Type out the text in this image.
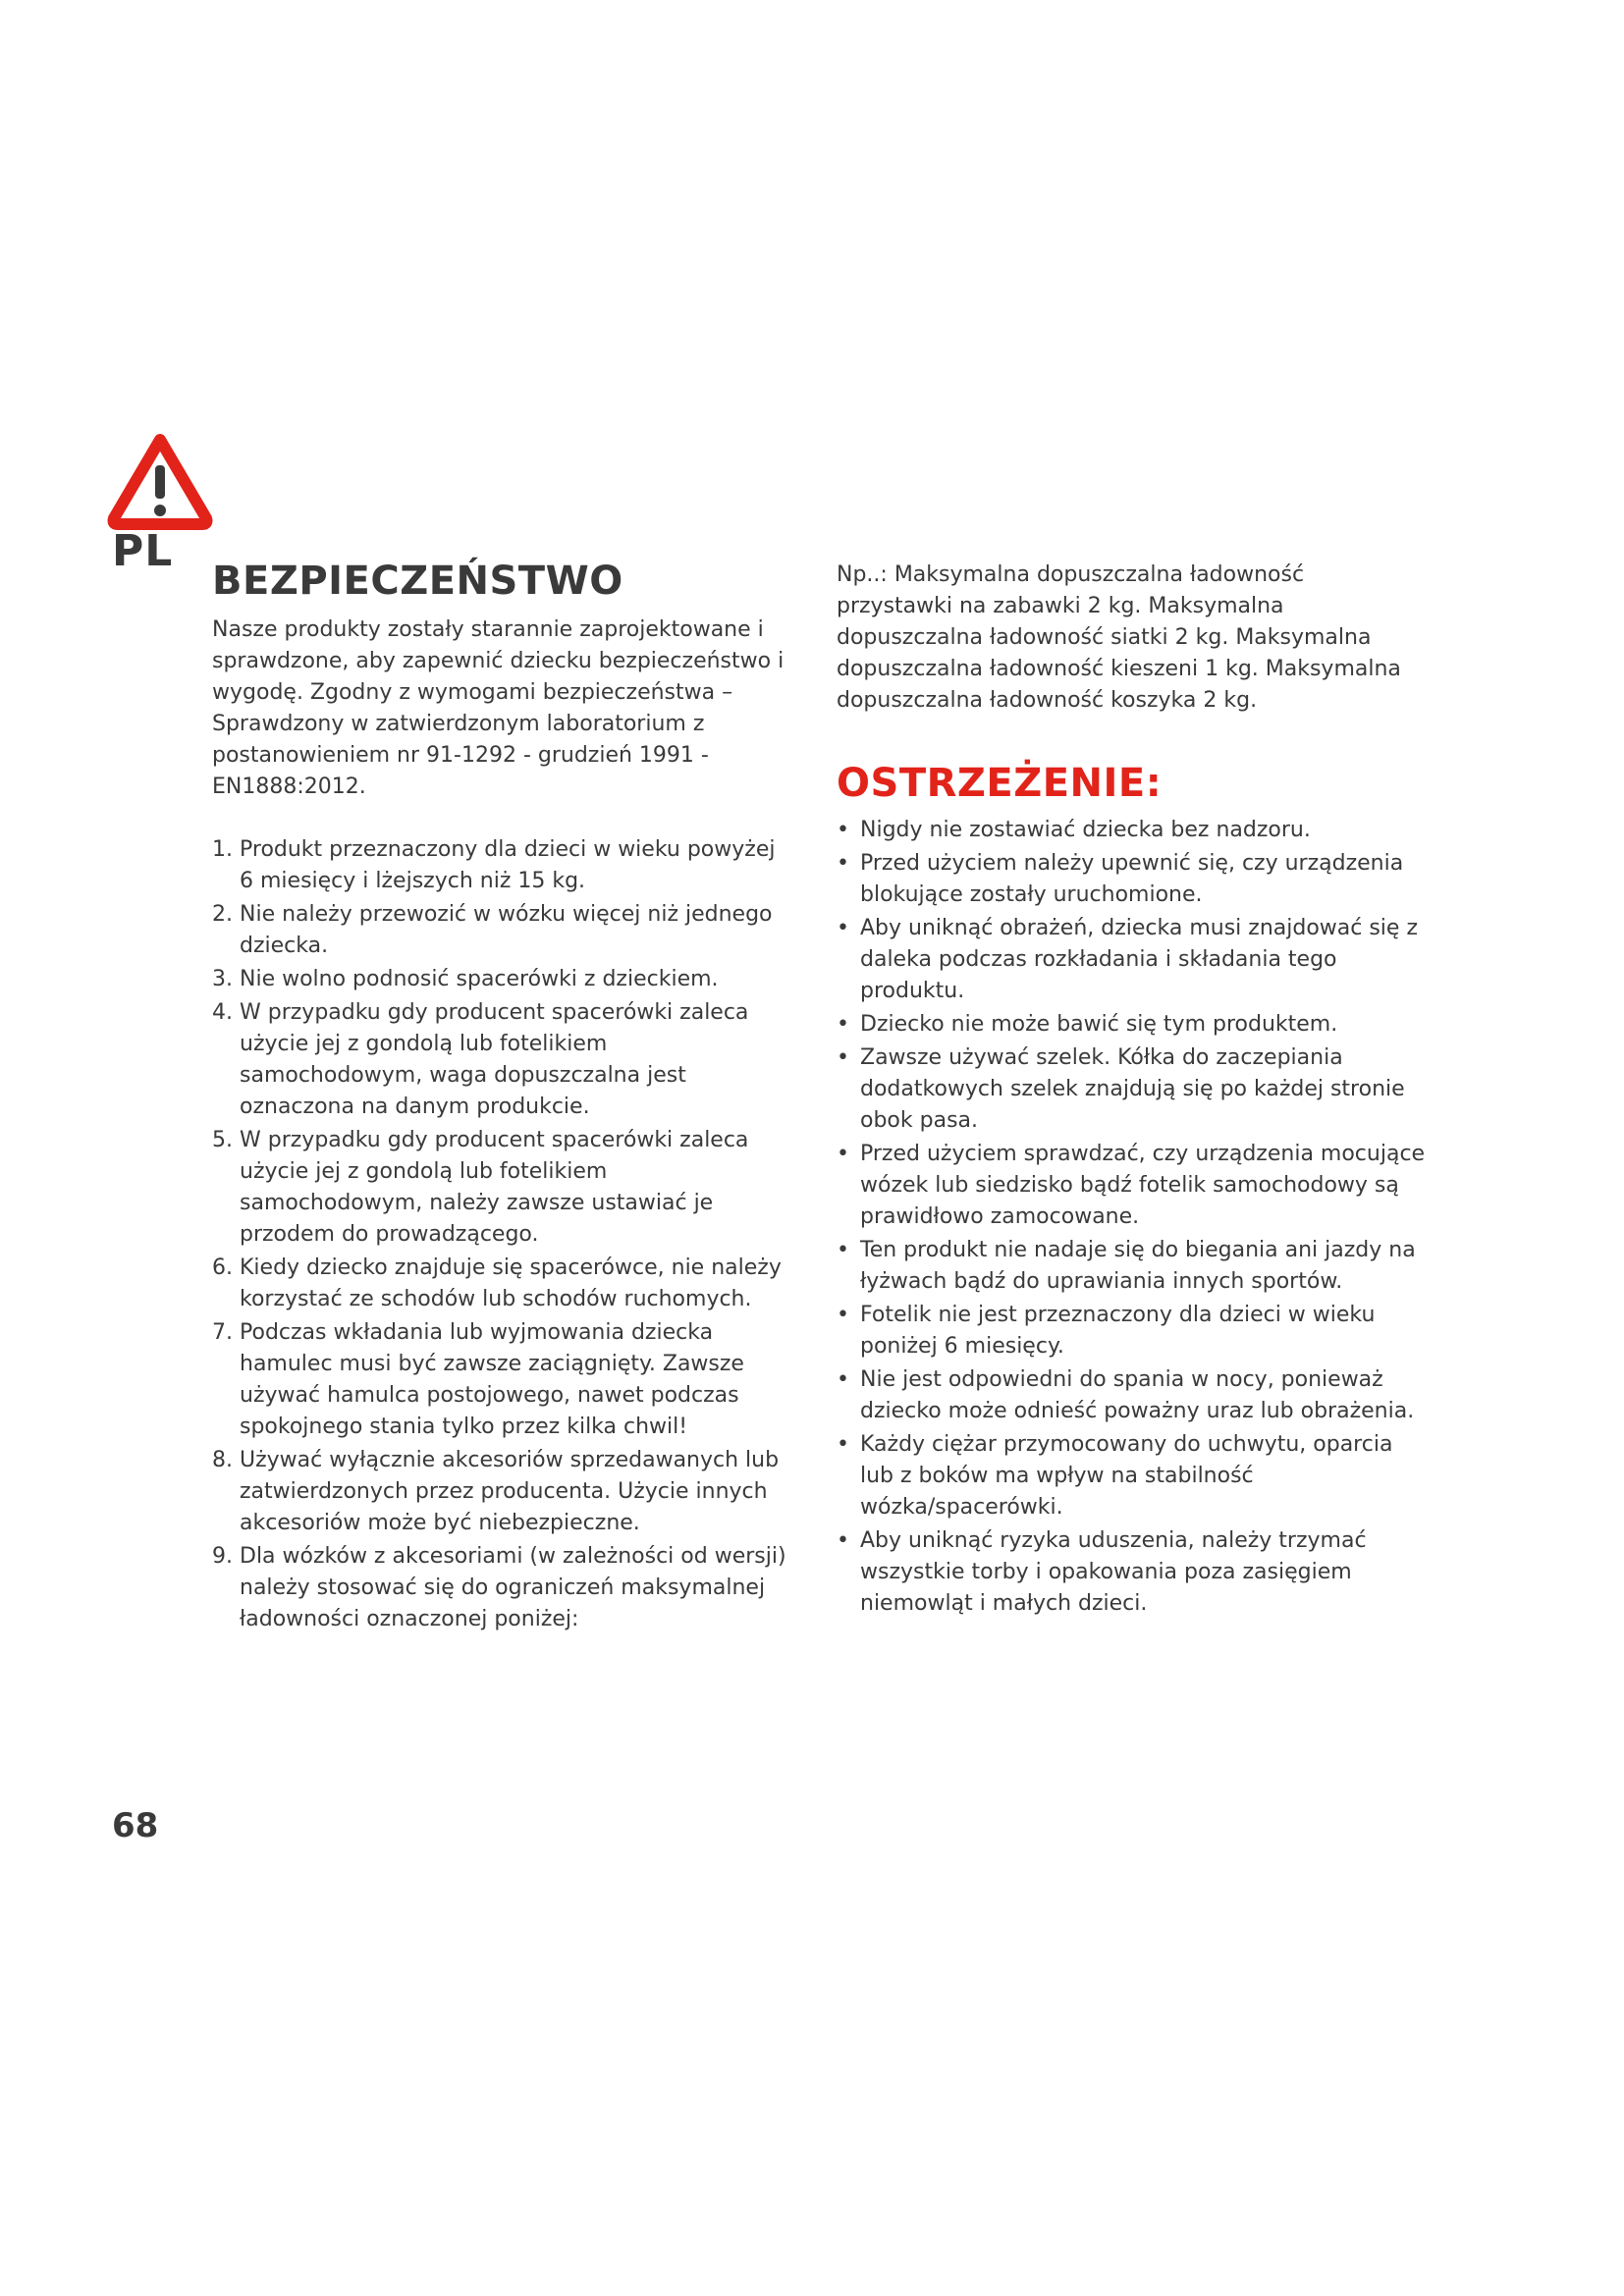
PL
BEZPIECZEŃSTWO

Nasze produkty zostały starannie zaprojektowane i sprawdzone, aby zapewnić dziecku bezpieczeństwo i wygodę. Zgodny z wymogami bezpieczeństwa – Sprawdzony w zatwierdzonym laboratorium z postanowieniem nr 91-1292 - grudzień 1991 - EN1888:2012.

1. Produkt przeznaczony dla dzieci w wieku powyżej 6 miesięcy i lżejszych niż 15 kg.
2. Nie należy przewozić w wózku więcej niż jednego dziecka.
3. Nie wolno podnosić spacerówki z dzieckiem.
4. W przypadku gdy producent spacerówki zaleca użycie jej z gondolą lub fotelikiem samochodowym, waga dopuszczalna jest oznaczona na danym produkcie.
5. W przypadku gdy producent spacerówki zaleca użycie jej z gondolą lub fotelikiem samochodowym, należy zawsze ustawiać je przodem do prowadzącego.
6. Kiedy dziecko znajduje się spacerówce, nie należy korzystać ze schodów lub schodów ruchomych.
7. Podczas wkładania lub wyjmowania dziecka hamulec musi być zawsze zaciągnięty. Zawsze używać hamulca postojowego, nawet podczas spokojnego stania tylko przez kilka chwil!
8. Używać wyłącznie akcesoriów sprzedawanych lub zatwierdzonych przez producenta. Użycie innych akcesoriów może być niebezpieczne.
9. Dla wózków z akcesoriami (w zależności od wersji) należy stosować się do ograniczeń maksymalnej ładowności oznaczonej poniżej:

Np..: Maksymalna dopuszczalna ładowność przystawki na zabawki 2 kg. Maksymalna dopuszczalna ładowność siatki 2 kg. Maksymalna dopuszczalna ładowność kieszeni 1 kg. Maksymalna dopuszczalna ładowność koszyka 2 kg.

OSTRZEŻENIE:
• Nigdy nie zostawiać dziecka bez nadzoru.
• Przed użyciem należy upewnić się, czy urządzenia blokujące zostały uruchomione.
• Aby uniknąć obrażeń, dziecka musi znajdować się z daleka podczas rozkładania i składania tego produktu.
• Dziecko nie może bawić się tym produktem.
• Zawsze używać szelek. Kółka do zaczepiania dodatkowych szelek znajdują się po każdej stronie obok pasa.
• Przed użyciem sprawdzać, czy urządzenia mocujące wózek lub siedzisko bądź fotelik samochodowy są prawidłowo zamocowane.
• Ten produkt nie nadaje się do biegania ani jazdy na łyżwach bądź do uprawiania innych sportów.
• Fotelik nie jest przeznaczony dla dzieci w wieku poniżej 6 miesięcy.
• Nie jest odpowiedni do spania w nocy, ponieważ dziecko może odnieść poważny uraz lub obrażenia.
• Każdy ciężar przymocowany do uchwytu, oparcia lub z boków ma wpływ na stabilność wózka/spacerówki.
• Aby uniknąć ryzyka uduszenia, należy trzymać wszystkie torby i opakowania poza zasięgiem niemowląt i małych dzieci.
68
